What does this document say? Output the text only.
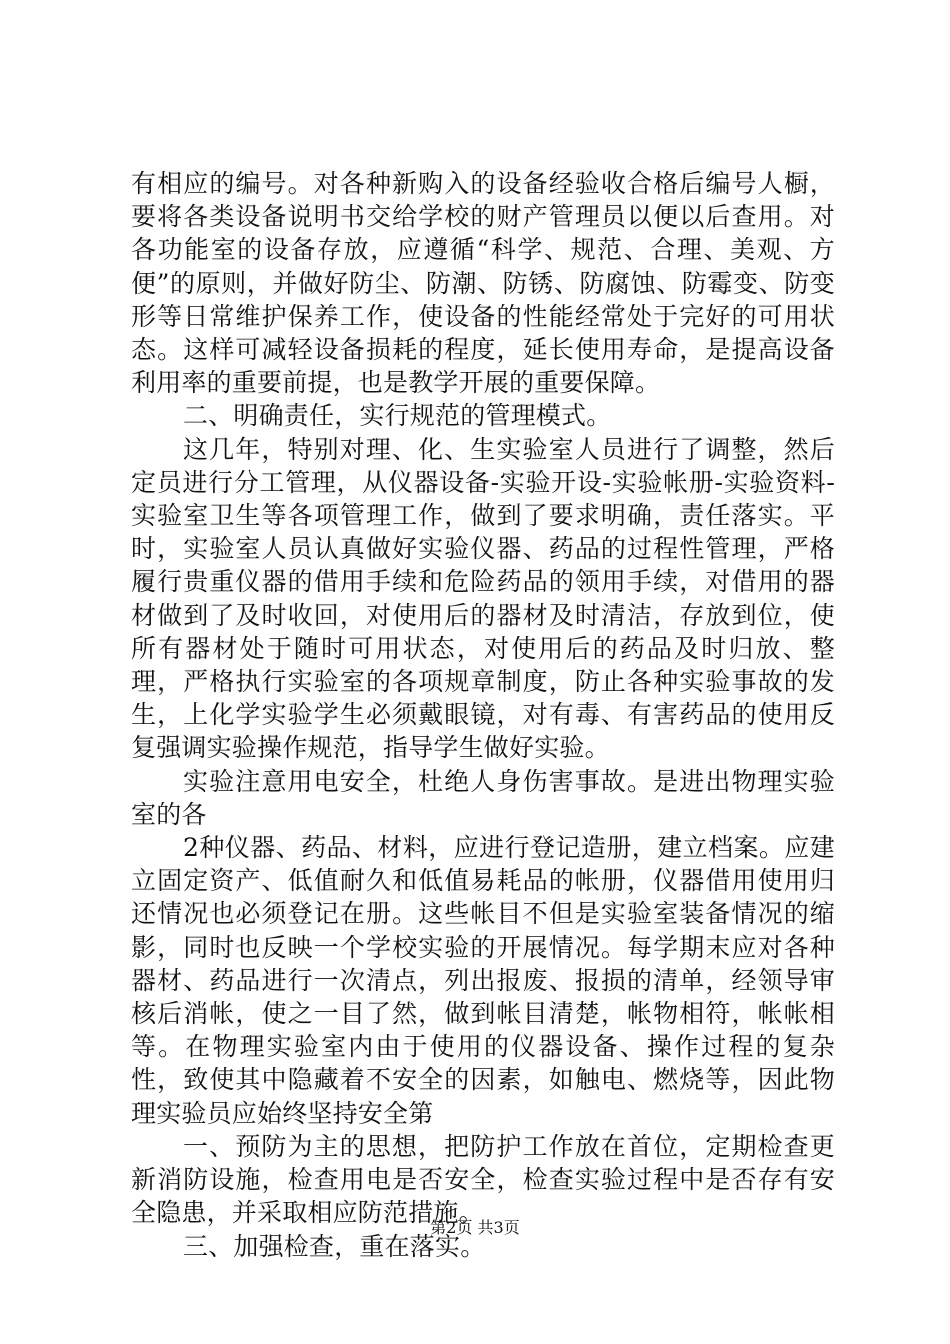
有相应的编号。对各种新购入的设备经验收合格后编号人橱，要将各类设备说明书交给学校的财产管理员以便以后查用。对各功能室的设备存放，应遵循“科学、规范、合理、美观、方便”的原则，并做好防尘、防潮、防锈、防腐蚀、防霉变、防变形等日常维护保养工作，使设备的性能经常处于完好的可用状态。这样可减轻设备损耗的程度，延长使用寿命，是提高设备利用率的重要前提，也是教学开展的重要保障。

二、明确责任，实行规范的管理模式。

这几年，特别对理、化、生实验室人员进行了调整，然后定员进行分工管理，从仪器设备-实验开设-实验帐册-实验资料-实验室卫生等各项管理工作，做到了要求明确，责任落实。平时，实验室人员认真做好实验仪器、药品的过程性管理，严格履行贵重仪器的借用手续和危险药品的领用手续，对借用的器材做到了及时收回，对使用后的器材及时清洁，存放到位，使所有器材处于随时可用状态，对使用后的药品及时归放、整理，严格执行实验室的各项规章制度，防止各种实验事故的发生，上化学实验学生必须戴眼镜，对有毒、有害药品的使用反复强调实验操作规范，指导学生做好实验。

实验注意用电安全，杜绝人身伤害事故。是进出物理实验室的各

2种仪器、药品、材料，应进行登记造册，建立档案。应建立固定资产、低值耐久和低值易耗品的帐册，仪器借用使用归还情况也必须登记在册。这些帐目不但是实验室装备情况的缩影，同时也反映一个学校实验的开展情况。每学期末应对各种器材、药品进行一次清点，列出报废、报损的清单，经领导审核后消帐，使之一目了然，做到帐目清楚，帐物相符，帐帐相等。在物理实验室内由于使用的仪器设备、操作过程的复杂性，致使其中隐藏着不安全的因素，如触电、燃烧等，因此物理实验员应始终坚持安全第

一、预防为主的思想，把防护工作放在首位，定期检查更新消防设施，检查用电是否安全，检查实验过程中是否存有安全隐患，并采取相应防范措施。

三、加强检查，重在落实。

第2页 共3页
